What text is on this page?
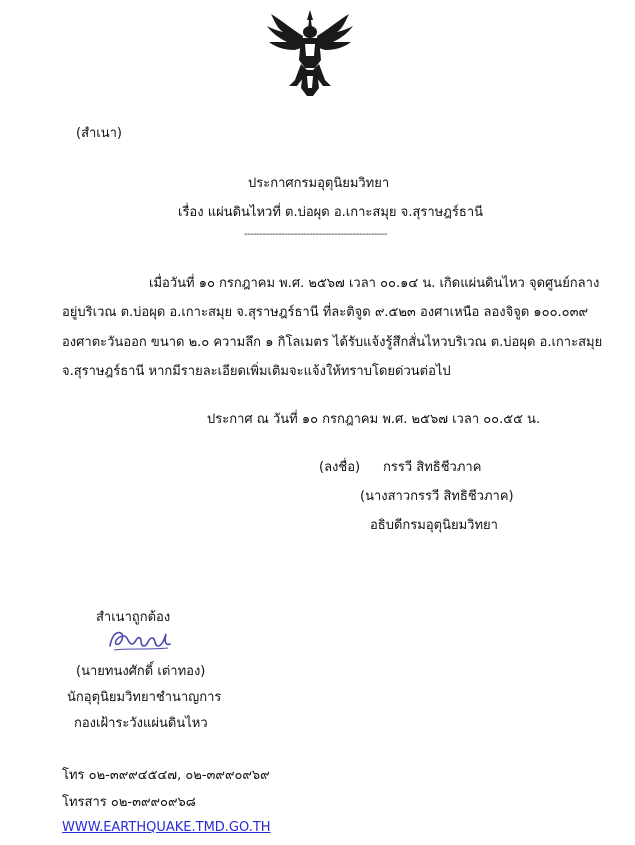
(สำเนา)
ประกาศกรมอุตุนิยมวิทยา
เรื่อง แผ่นดินไหวที่ ต.บ่อผุด อ.เกาะสมุย จ.สุราษฎร์ธานี
----------------------------------------------
เมื่อวันที่ ๑๐ กรกฎาคม พ.ศ. ๒๕๖๗ เวลา ๐๐.๑๔ น. เกิดแผ่นดินไหว จุดศูนย์กลาง
อยู่บริเวณ ต.บ่อผุด อ.เกาะสมุย จ.สุราษฎร์ธานี ที่ละติจูด ๙.๕๒๓ องศาเหนือ ลองจิจูด ๑๐๐.๐๓๙
องศาตะวันออก ขนาด ๒.๐ ความลึก ๑ กิโลเมตร ได้รับแจ้งรู้สึกสั่นไหวบริเวณ ต.บ่อผุด อ.เกาะสมุย
จ.สุราษฎร์ธานี หากมีรายละเอียดเพิ่มเติมจะแจ้งให้ทราบโดยด่วนต่อไป
ประกาศ ณ วันที่ ๑๐ กรกฎาคม พ.ศ. ๒๕๖๗ เวลา ๐๐.๕๕ น.
(ลงชื่อ) กรรวี สิทธิชีวภาค
(นางสาวกรรวี สิทธิชีวภาค)
อธิบดีกรมอุตุนิยมวิทยา
สำเนาถูกต้อง
(นายทนงศักดิ์ เต่าทอง)
นักอุตุนิยมวิทยาชำนาญการ
กองเฝ้าระวังแผ่นดินไหว
โทร ๐๒-๓๙๙๔๕๔๗, ๐๒-๓๙๙๐๙๖๙
โทรสาร ๐๒-๓๙๙๐๙๖๘
WWW.EARTHQUAKE.TMD.GO.TH
